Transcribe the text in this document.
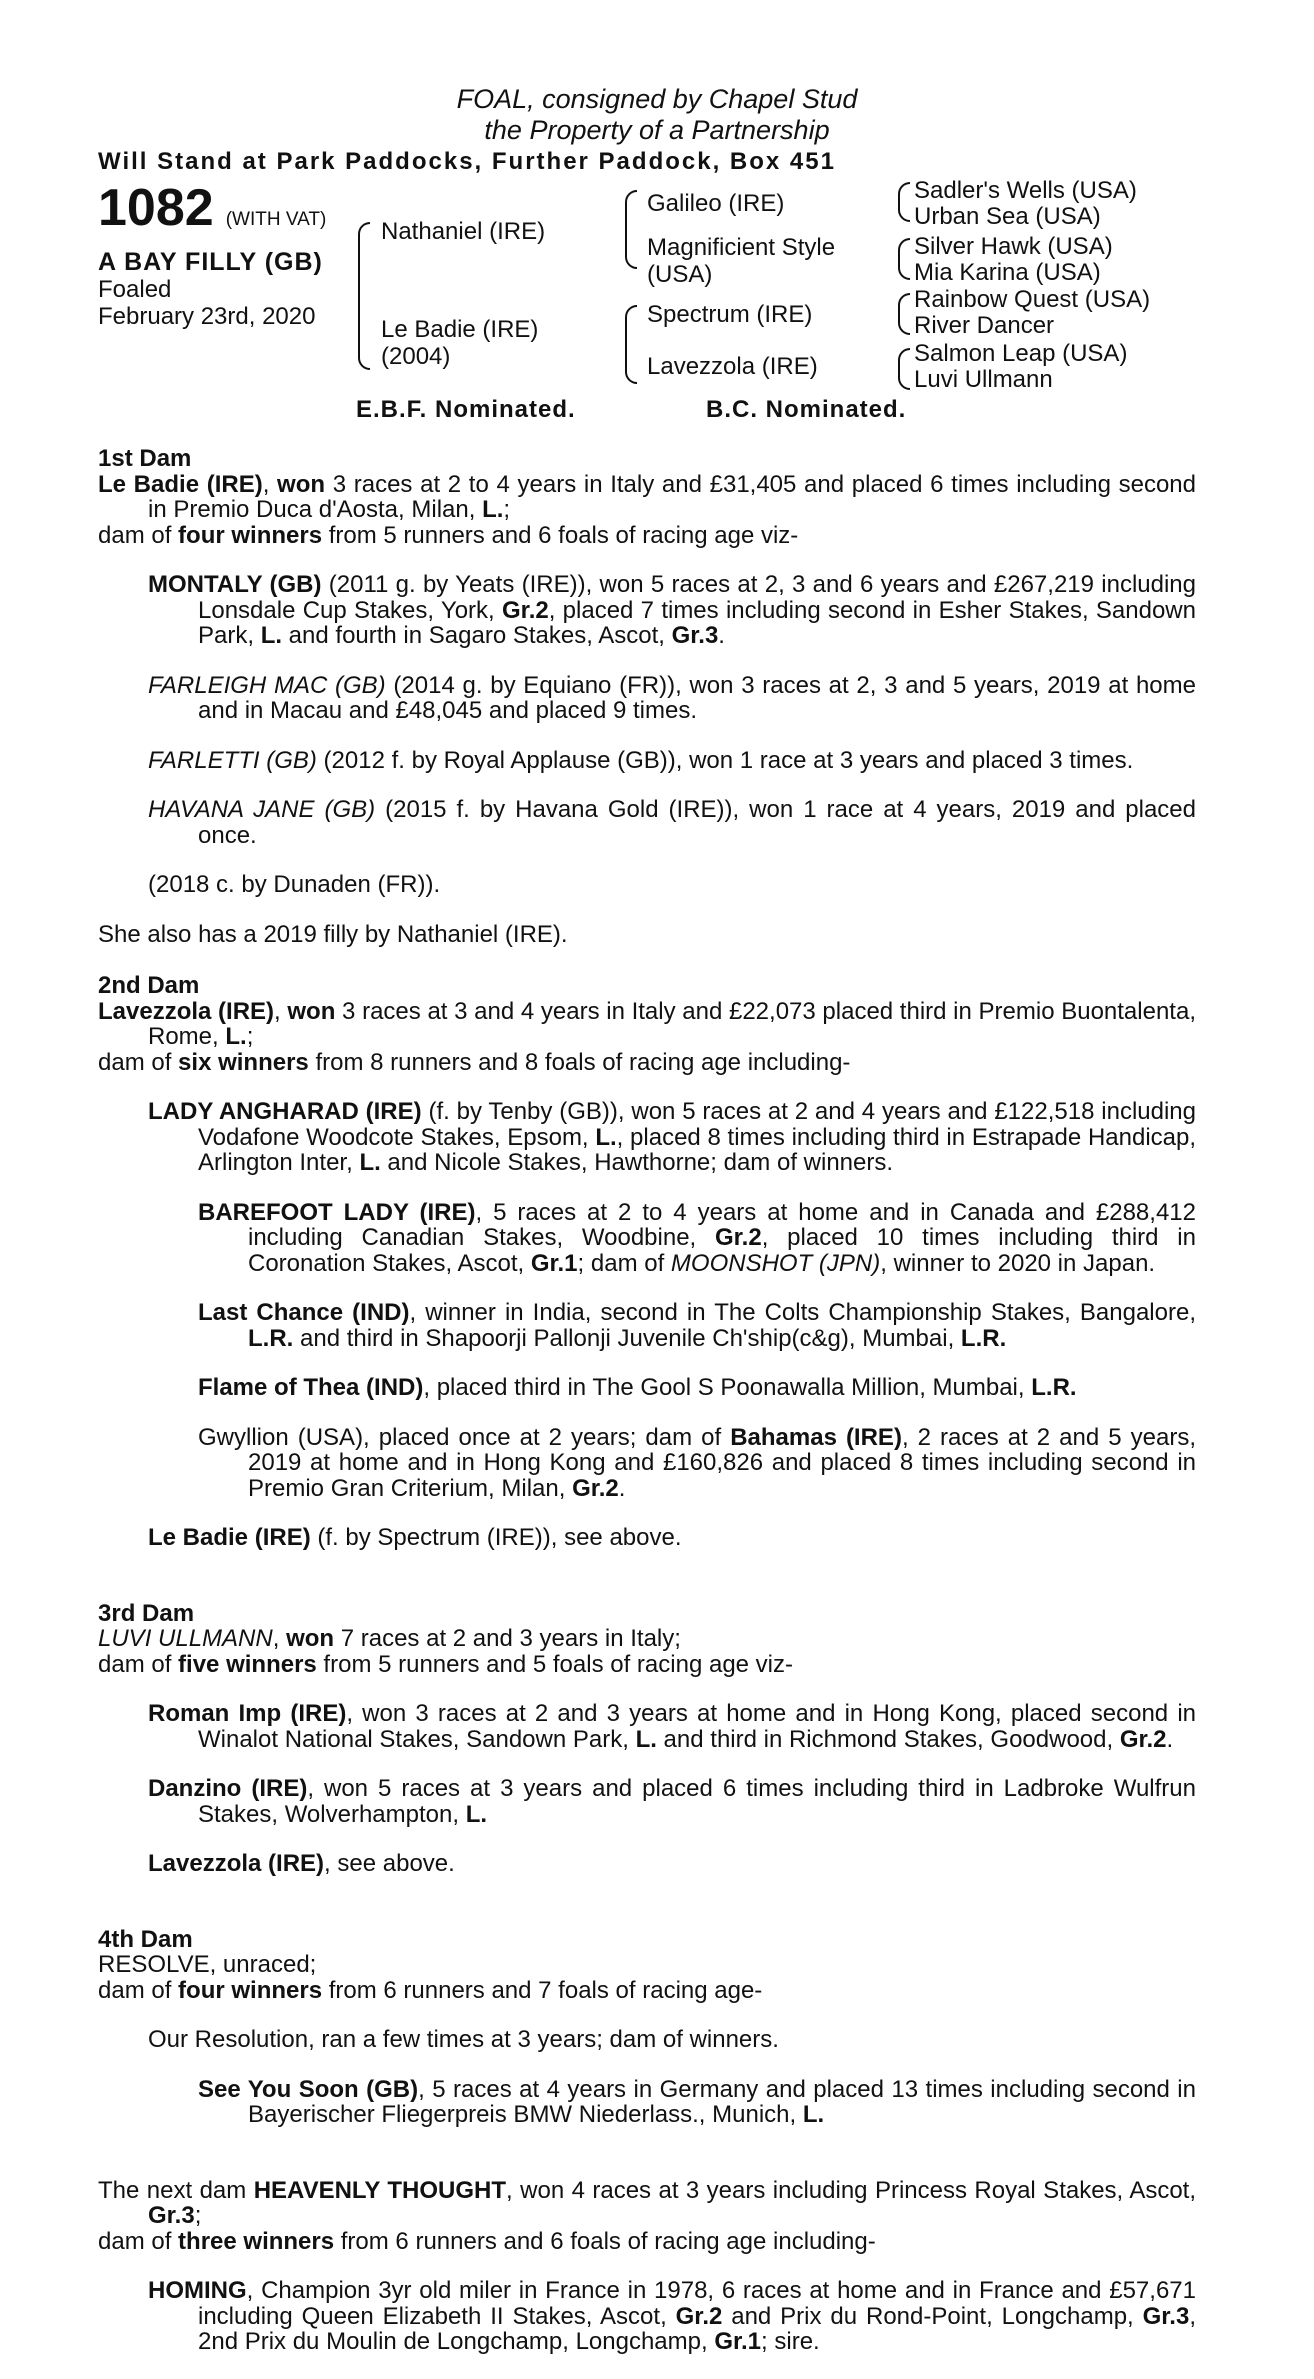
FOAL, consigned by Chapel Stud
the Property of a Partnership
Will Stand at Park Paddocks, Further Paddock, Box 451
1082 (WITH VAT)
A BAY FILLY (GB)
Foaled
February 23rd, 2020
Nathaniel (IRE)
Le Badie (IRE)
(2004)
Galileo (IRE)
Magnificient Style
(USA)
Spectrum (IRE)
Lavezzola (IRE)
Sadler's Wells (USA)
Urban Sea (USA)
Silver Hawk (USA)
Mia Karina (USA)
Rainbow Quest (USA)
River Dancer
Salmon Leap (USA)
Luvi Ullmann
E.B.F. Nominated.	B.C. Nominated.

1st Dam

Le Badie (IRE), won 3 races at 2 to 4 years in Italy and £31,405 and placed 6 times including second in Premio Duca d'Aosta, Milan, L.;

dam of four winners from 5 runners and 6 foals of racing age viz-

MONTALY (GB) (2011 g. by Yeats (IRE)), won 5 races at 2, 3 and 6 years and £267,219 including Lonsdale Cup Stakes, York, Gr.2, placed 7 times including second in Esher Stakes, Sandown Park, L. and fourth in Sagaro Stakes, Ascot, Gr.3.

FARLEIGH MAC (GB) (2014 g. by Equiano (FR)), won 3 races at 2, 3 and 5 years, 2019 at home and in Macau and £48,045 and placed 9 times.

FARLETTI (GB) (2012 f. by Royal Applause (GB)), won 1 race at 3 years and placed 3 times.

HAVANA JANE (GB) (2015 f. by Havana Gold (IRE)), won 1 race at 4 years, 2019 and placed once.

(2018 c. by Dunaden (FR)).

She also has a 2019 filly by Nathaniel (IRE).

2nd Dam

Lavezzola (IRE), won 3 races at 3 and 4 years in Italy and £22,073 placed third in Premio Buontalenta, Rome, L.;

dam of six winners from 8 runners and 8 foals of racing age including-

LADY ANGHARAD (IRE) (f. by Tenby (GB)), won 5 races at 2 and 4 years and £122,518 including Vodafone Woodcote Stakes, Epsom, L., placed 8 times including third in Estrapade Handicap, Arlington Inter, L. and Nicole Stakes, Hawthorne; dam of winners.

BAREFOOT LADY (IRE), 5 races at 2 to 4 years at home and in Canada and £288,412 including Canadian Stakes, Woodbine, Gr.2, placed 10 times including third in Coronation Stakes, Ascot, Gr.1; dam of MOONSHOT (JPN), winner to 2020 in Japan.

Last Chance (IND), winner in India, second in The Colts Championship Stakes, Bangalore, L.R. and third in Shapoorji Pallonji Juvenile Ch'ship(c&g), Mumbai, L.R.

Flame of Thea (IND), placed third in The Gool S Poonawalla Million, Mumbai, L.R.

Gwyllion (USA), placed once at 2 years; dam of Bahamas (IRE), 2 races at 2 and 5 years, 2019 at home and in Hong Kong and £160,826 and placed 8 times including second in Premio Gran Criterium, Milan, Gr.2.

Le Badie (IRE) (f. by Spectrum (IRE)), see above.

3rd Dam

LUVI ULLMANN, won 7 races at 2 and 3 years in Italy;

dam of five winners from 5 runners and 5 foals of racing age viz-

Roman Imp (IRE), won 3 races at 2 and 3 years at home and in Hong Kong, placed second in Winalot National Stakes, Sandown Park, L. and third in Richmond Stakes, Goodwood, Gr.2.

Danzino (IRE), won 5 races at 3 years and placed 6 times including third in Ladbroke Wulfrun Stakes, Wolverhampton, L.

Lavezzola (IRE), see above.

4th Dam

RESOLVE, unraced;

dam of four winners from 6 runners and 7 foals of racing age-

Our Resolution, ran a few times at 3 years; dam of winners.

See You Soon (GB), 5 races at 4 years in Germany and placed 13 times including second in Bayerischer Fliegerpreis BMW Niederlass., Munich, L.

The next dam HEAVENLY THOUGHT, won 4 races at 3 years including Princess Royal Stakes, Ascot, Gr.3;

dam of three winners from 6 runners and 6 foals of racing age including-

HOMING, Champion 3yr old miler in France in 1978, 6 races at home and in France and £57,671 including Queen Elizabeth II Stakes, Ascot, Gr.2 and Prix du Rond-Point, Longchamp, Gr.3, 2nd Prix du Moulin de Longchamp, Longchamp, Gr.1; sire.
